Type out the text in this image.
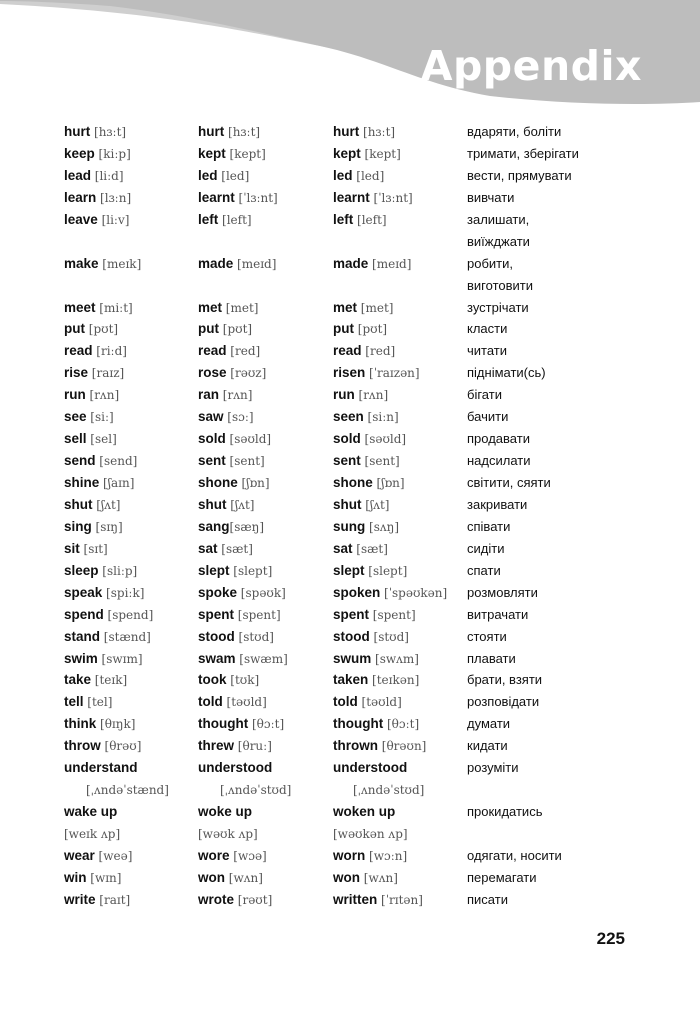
Appendix
hurt [hɜːt]	hurt [hɜːt]	hurt [hɜːt]	вдаряти, боліти
keep [kiːp]	kept [kept]	kept [kept]	тримати, зберігати
lead [liːd]	led [led]	led [led]	вести, прямувати
learn [lɜːn]	learnt [ˈlɜːnt]	learnt [ˈlɜːnt]	вивчати
leave [liːv]	left [left]	left [left]	залишати,
виїжджати
make [meɪk]	made [meɪd]	made [meɪd]	робити,
виготовити
meet [miːt]	met [met]	met [met]	зустрічати
put [pʊt]	put [pʊt]	put [pʊt]	класти
read [riːd]	read [red]	read [red]	читати
rise [raɪz]	rose [rəʊz]	risen [ˈraɪzən]	піднімати(сь)
run [rʌn]	ran [rʌn]	run [rʌn]	бігати
see [siː]	saw [sɔː]	seen [siːn]	бачити
sell [sel]	sold [səʊld]	sold [səʊld]	продавати
send [send]	sent [sent]	sent [sent]	надсилати
shine [ʃaɪn]	shone [ʃɒn]	shone [ʃɒn]	світити, сяяти
shut [ʃʌt]	shut [ʃʌt]	shut [ʃʌt]	закривати
sing [sɪŋ]	sang[sæŋ]	sung [sʌŋ]	співати
sit [sɪt]	sat [sæt]	sat [sæt]	сидіти
sleep [sliːp]	slept [slept]	slept [slept]	спати
speak [spiːk]	spoke [spəʊk]	spoken [ˈspəʊkən] розмовляти
spend [spend]	spent [spent]	spent [spent]	витрачати
stand [stænd]	stood [stʊd]	stood [stʊd]	стояти
swim [swɪm]	swam [swæm]	swum [swʌm]	плавати
take [teɪk]	took [tʊk]	taken [teɪkən]	брати, взяти
tell [tel]	told [təʊld]	told [təʊld]	розповідати
think [θɪŋk]	thought [θɔːt]	thought [θɔːt]	думати
throw [θrəʊ]	threw [θruː]	thrown [θrəʊn]	кидати
understand	understood	understood	розуміти
[ˌʌndəˈstænd]	[ˌʌndəˈstʊd]	[ˌʌndəˈstʊd]
wake up	woke up	woken up	прокидатись
[weɪk ʌp]	[wəʊk ʌp]	[wəʊkən ʌp]
wear [weə]	wore [wɔə]	worn [wɔːn]	одягати, носити
win [wɪn]	won [wʌn]	won [wʌn]	перемагати
write [raɪt]	wrote [rəʊt]	written [ˈrɪtən]	писати
225
